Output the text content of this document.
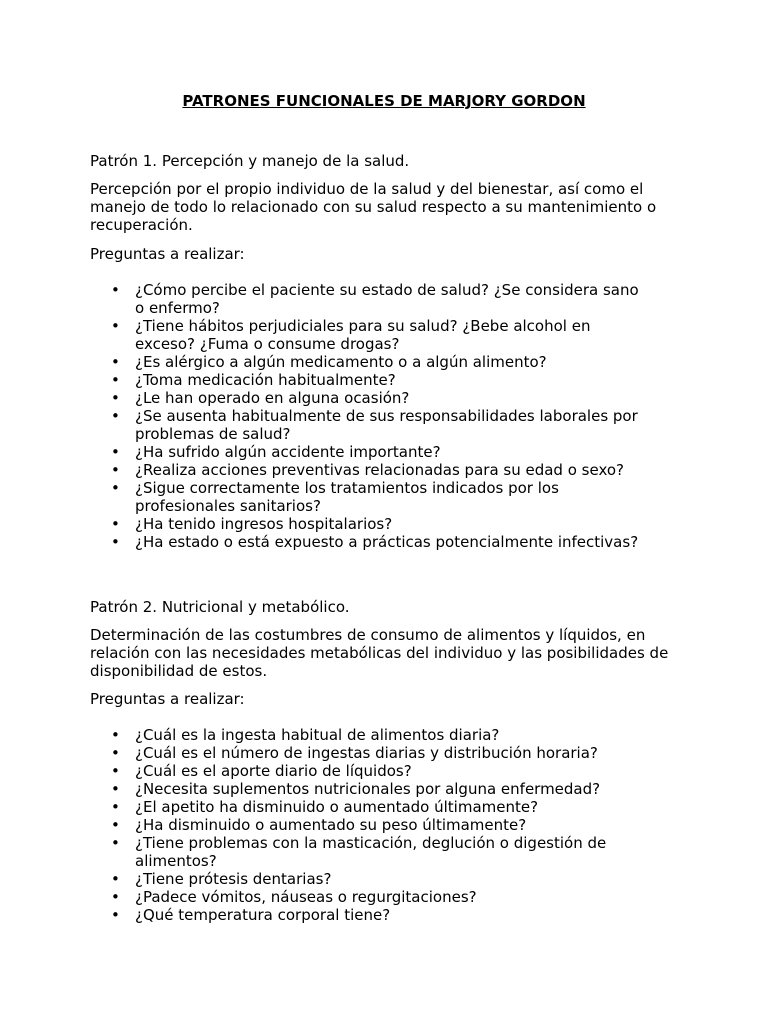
PATRONES FUNCIONALES DE MARJORY GORDON

Patrón 1. Percepción y manejo de la salud.

Percepción por el propio individuo de la salud y del bienestar, así como el manejo de todo lo relacionado con su salud respecto a su mantenimiento o recuperación.

Preguntas a realizar:

• ¿Cómo percibe el paciente su estado de salud? ¿Se considera sano o enfermo?
• ¿Tiene hábitos perjudiciales para su salud? ¿Bebe alcohol en exceso? ¿Fuma o consume drogas?
• ¿Es alérgico a algún medicamento o a algún alimento?
• ¿Toma medicación habitualmente?
• ¿Le han operado en alguna ocasión?
• ¿Se ausenta habitualmente de sus responsabilidades laborales por problemas de salud?
• ¿Ha sufrido algún accidente importante?
• ¿Realiza acciones preventivas relacionadas para su edad o sexo?
• ¿Sigue correctamente los tratamientos indicados por los profesionales sanitarios?
• ¿Ha tenido ingresos hospitalarios?
• ¿Ha estado o está expuesto a prácticas potencialmente infectivas?

Patrón 2. Nutricional y metabólico.

Determinación de las costumbres de consumo de alimentos y líquidos, en relación con las necesidades metabólicas del individuo y las posibilidades de disponibilidad de estos.

Preguntas a realizar:

• ¿Cuál es la ingesta habitual de alimentos diaria?
• ¿Cuál es el número de ingestas diarias y distribución horaria?
• ¿Cuál es el aporte diario de líquidos?
• ¿Necesita suplementos nutricionales por alguna enfermedad?
• ¿El apetito ha disminuido o aumentado últimamente?
• ¿Ha disminuido o aumentado su peso últimamente?
• ¿Tiene problemas con la masticación, deglución o digestión de alimentos?
• ¿Tiene prótesis dentarias?
• ¿Padece vómitos, náuseas o regurgitaciones?
• ¿Qué temperatura corporal tiene?
